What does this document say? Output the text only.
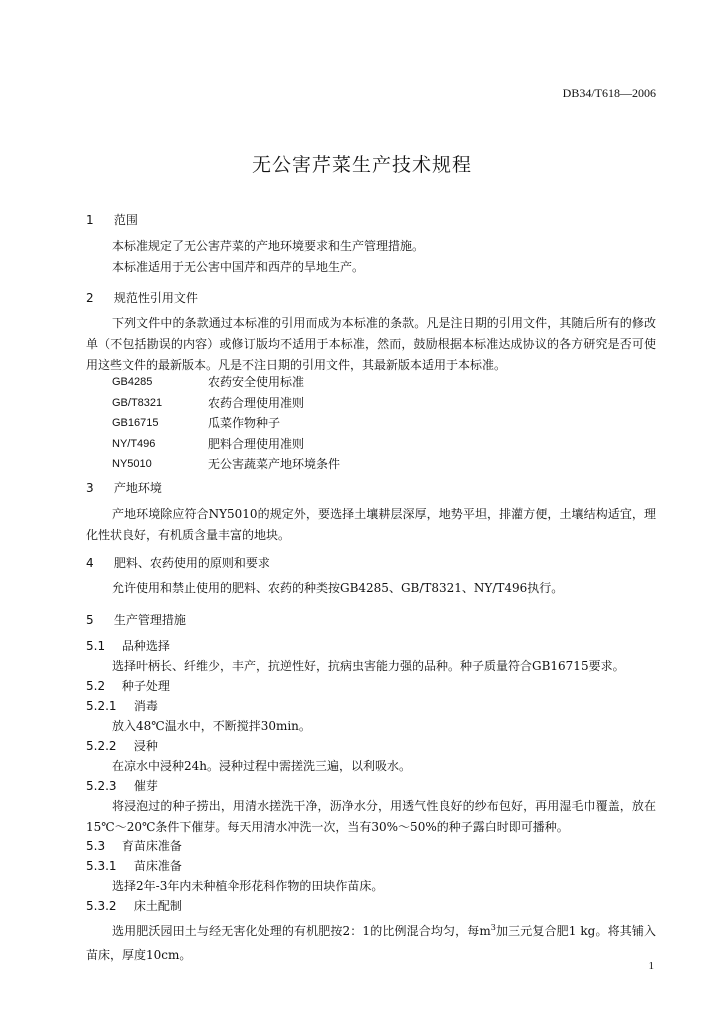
DB34/T618—2006
无公害芹菜生产技术规程
1 范围
本标准规定了无公害芹菜的产地环境要求和生产管理措施。
本标准适用于无公害中国芹和西芹的旱地生产。
2 规范性引用文件
下列文件中的条款通过本标准的引用而成为本标准的条款。凡是注日期的引用文件，其随后所有的修改单（不包括勘误的内容）或修订版均不适用于本标准，然而，鼓励根据本标准达成协议的各方研究是否可使用这些文件的最新版本。凡是不注日期的引用文件，其最新版本适用于本标准。
GB4285	农药安全使用标准
GB/T8321	农药合理使用准则
GB16715	瓜菜作物种子
NY/T496	肥料合理使用准则
NY5010	无公害蔬菜产地环境条件
3 产地环境
产地环境除应符合NY5010的规定外，要选择土壤耕层深厚，地势平坦，排灌方便，土壤结构适宜，理化性状良好，有机质含量丰富的地块。
4 肥料、农药使用的原则和要求
允许使用和禁止使用的肥料、农药的种类按GB4285、GB/T8321、NY/T496执行。
5 生产管理措施
5.1 品种选择
选择叶柄长、纤维少，丰产，抗逆性好，抗病虫害能力强的品种。种子质量符合GB16715要求。
5.2 种子处理
5.2.1 消毒
放入48℃温水中，不断搅拌30min。
5.2.2 浸种
在凉水中浸种24h。浸种过程中需搓洗三遍，以利吸水。
5.2.3 催芽
将浸泡过的种子捞出，用清水搓洗干净，沥净水分，用透气性良好的纱布包好，再用湿毛巾覆盖，放在15℃～20℃条件下催芽。每天用清水冲洗一次，当有30%～50%的种子露白时即可播种。
5.3 育苗床准备
5.3.1 苗床准备
选择2年-3年内未种植伞形花科作物的田块作苗床。
5.3.2 床土配制
选用肥沃园田土与经无害化处理的有机肥按2：1的比例混合均匀，每$m^3$加三元复合肥1 kg。将其铺入苗床，厚度10cm。
1
